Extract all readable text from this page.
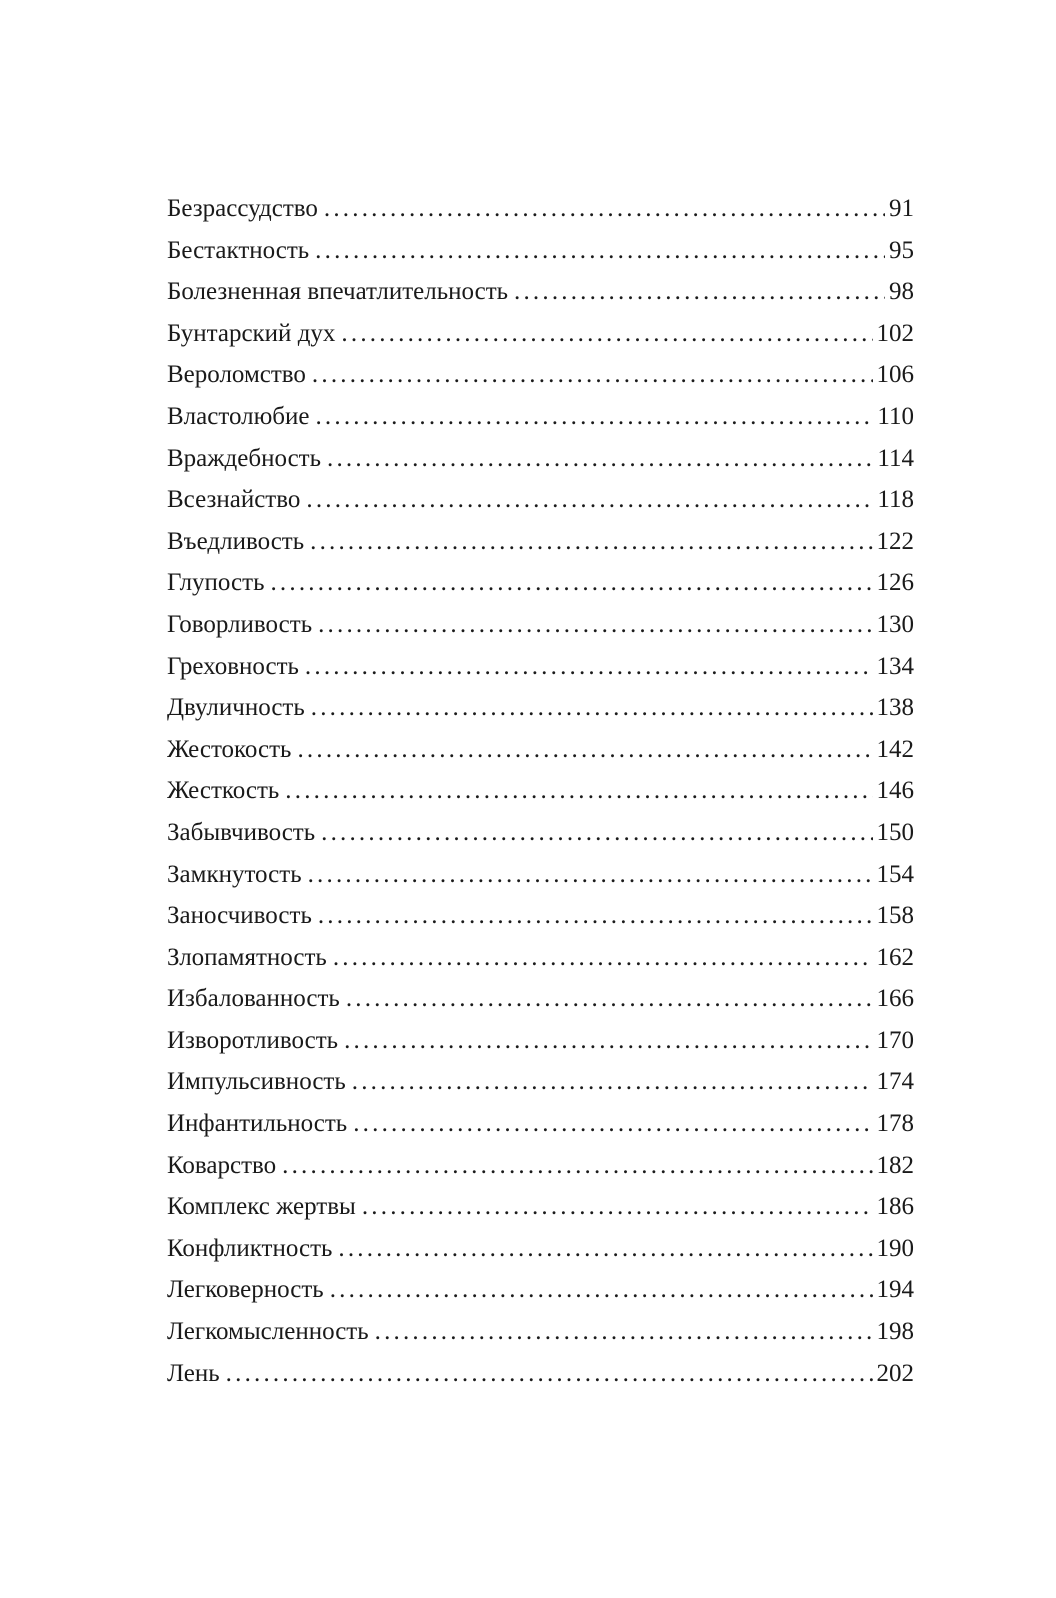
Безрассудство .....	91
Бестактность .....	95
Болезненная впечатлительность .....	98
Бунтарский дух .....	102
Вероломство .....	106
Властолюбие .....	110
Враждебность .....	114
Всезнайство .....	118
Въедливость .....	122
Глупость .....	126
Говорливость .....	130
Греховность .....	134
Двуличность .....	138
Жестокость .....	142
Жесткость .....	146
Забывчивость .....	150
Замкнутость .....	154
Заносчивость .....	158
Злопамятность .....	162
Избалованность .....	166
Изворотливость .....	170
Импульсивность .....	174
Инфантильность .....	178
Коварство .....	182
Комплекс жертвы .....	186
Конфликтность .....	190
Легковерность .....	194
Легкомысленность .....	198
Лень .....	202
